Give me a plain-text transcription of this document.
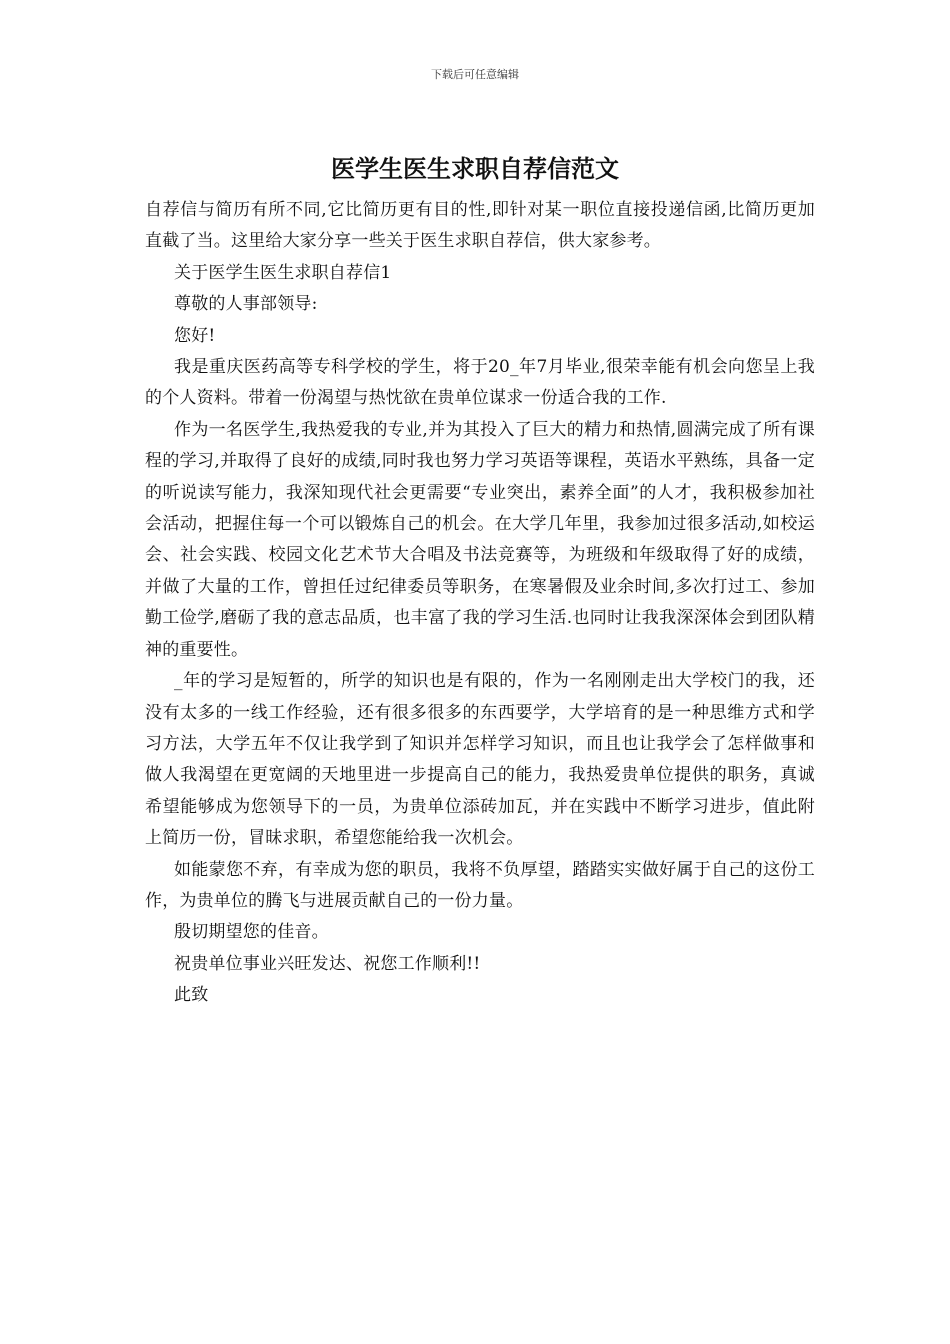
下载后可任意编辑
医学生医生求职自荐信范文

自荐信与简历有所不同,它比简历更有目的性,即针对某一职位直接投递信函,比简历更加直截了当。这里给大家分享一些关于医生求职自荐信，供大家参考。

关于医学生医生求职自荐信1

尊敬的人事部领导:

您好!

我是重庆医药高等专科学校的学生，将于20_年7月毕业,很荣幸能有机会向您呈上我的个人资料。带着一份渴望与热忱欲在贵单位谋求一份适合我的工作.

作为一名医学生,我热爱我的专业,并为其投入了巨大的精力和热情,圆满完成了所有课程的学习,并取得了良好的成绩,同时我也努力学习英语等课程，英语水平熟练，具备一定的听说读写能力，我深知现代社会更需要“专业突出，素养全面”的人才，我积极参加社会活动，把握住每一个可以锻炼自己的机会。在大学几年里，我参加过很多活动,如校运会、社会实践、校园文化艺术节大合唱及书法竞赛等，为班级和年级取得了好的成绩，并做了大量的工作，曾担任过纪律委员等职务，在寒暑假及业余时间,多次打过工、参加勤工俭学,磨砺了我的意志品质，也丰富了我的学习生活.也同时让我我深深体会到团队精神的重要性。

_年的学习是短暂的，所学的知识也是有限的，作为一名刚刚走出大学校门的我，还没有太多的一线工作经验，还有很多很多的东西要学，大学培育的是一种思维方式和学习方法，大学五年不仅让我学到了知识并怎样学习知识，而且也让我学会了怎样做事和做人我渴望在更宽阔的天地里进一步提高自己的能力，我热爱贵单位提供的职务，真诚希望能够成为您领导下的一员，为贵单位添砖加瓦，并在实践中不断学习进步，值此附上简历一份，冒昧求职，希望您能给我一次机会。

如能蒙您不弃，有幸成为您的职员，我将不负厚望，踏踏实实做好属于自己的这份工作，为贵单位的腾飞与进展贡献自己的一份力量。

殷切期望您的佳音。

祝贵单位事业兴旺发达、祝您工作顺利!!

此致
